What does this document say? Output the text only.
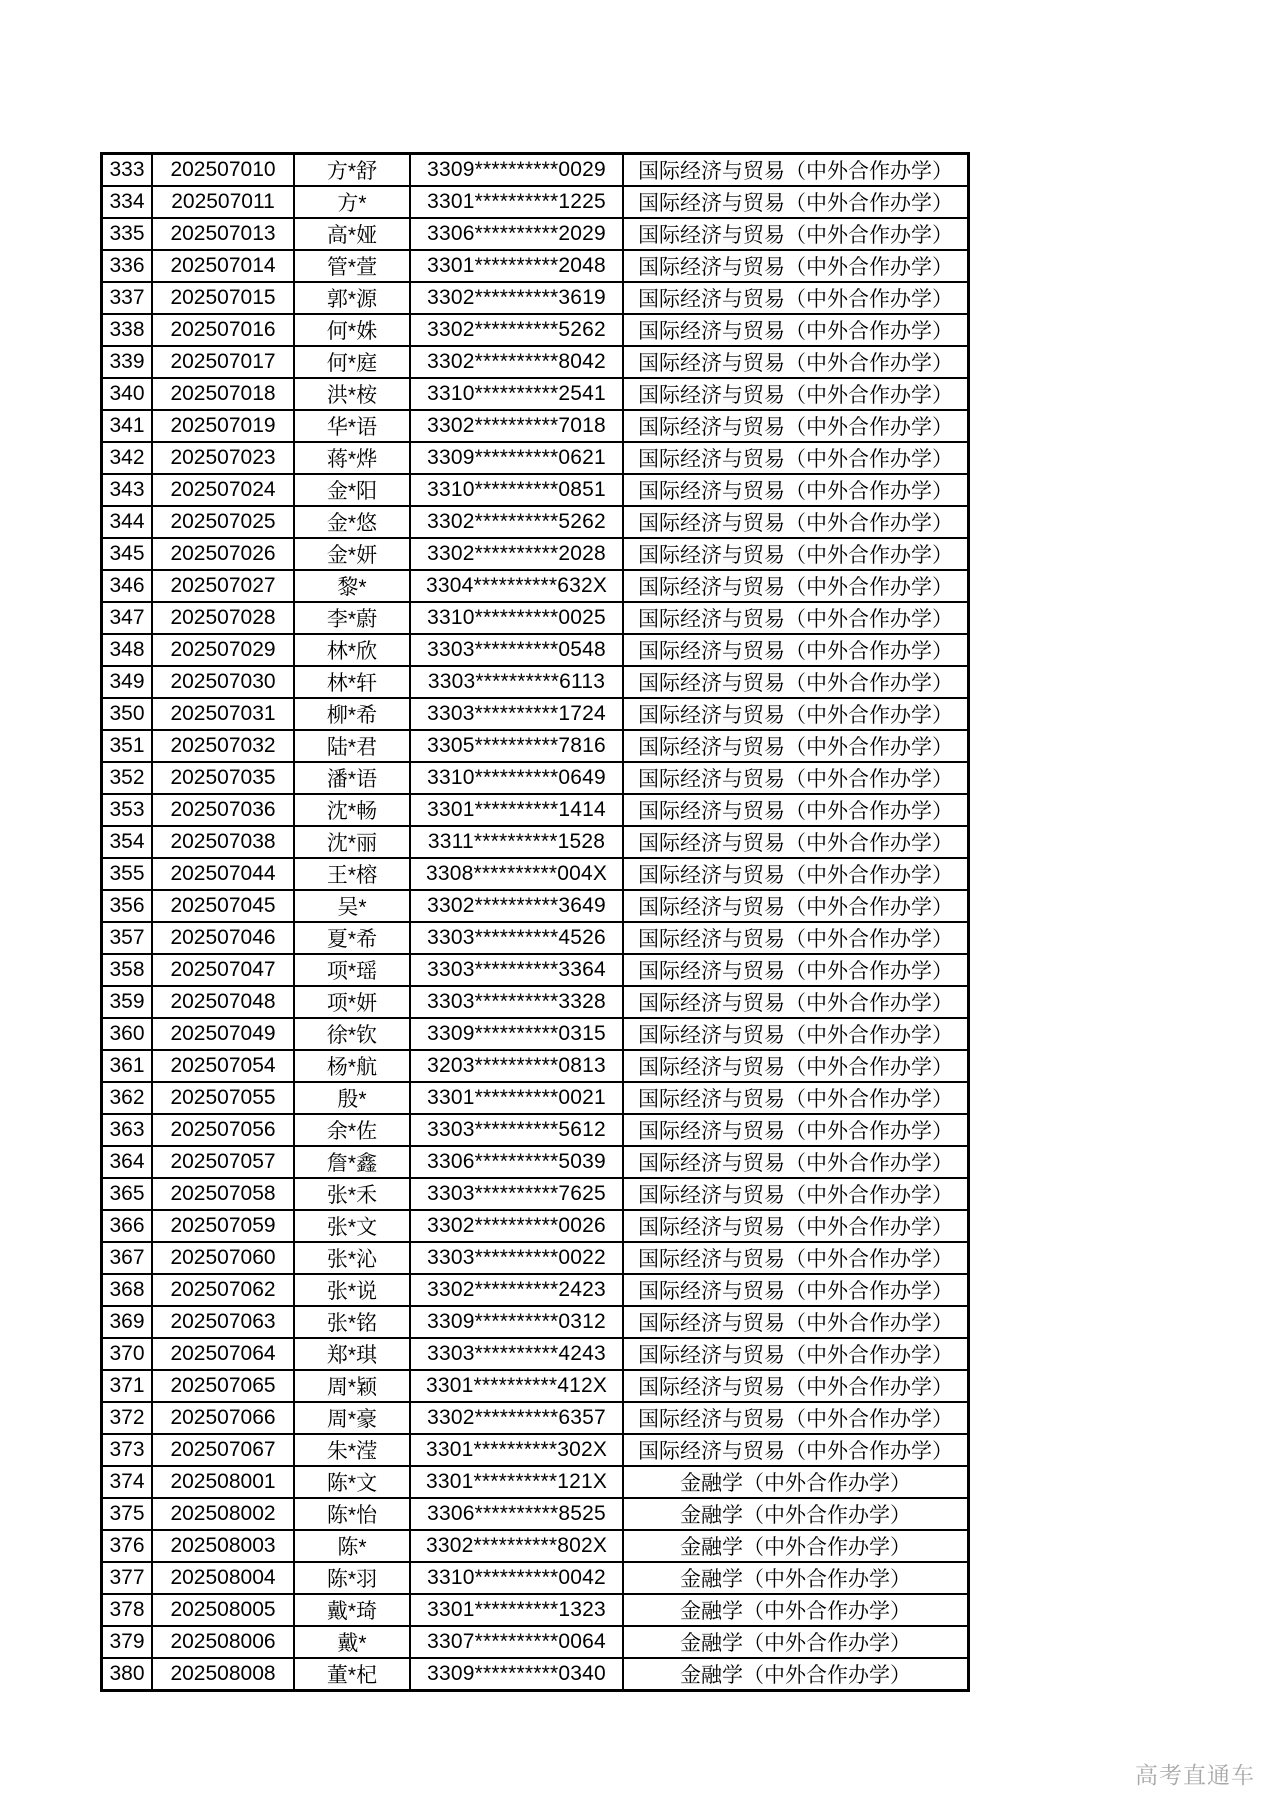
333	202507010	方*舒	3309**********0029	国际经济与贸易（中外合作办学）
334	202507011	方*	3301**********1225	国际经济与贸易（中外合作办学）
335	202507013	高*娅	3306**********2029	国际经济与贸易（中外合作办学）
336	202507014	管*萱	3301**********2048	国际经济与贸易（中外合作办学）
337	202507015	郭*源	3302**********3619	国际经济与贸易（中外合作办学）
338	202507016	何*姝	3302**********5262	国际经济与贸易（中外合作办学）
339	202507017	何*庭	3302**********8042	国际经济与贸易（中外合作办学）
340	202507018	洪*桉	3310**********2541	国际经济与贸易（中外合作办学）
341	202507019	华*语	3302**********7018	国际经济与贸易（中外合作办学）
342	202507023	蒋*烨	3309**********0621	国际经济与贸易（中外合作办学）
343	202507024	金*阳	3310**********0851	国际经济与贸易（中外合作办学）
344	202507025	金*悠	3302**********5262	国际经济与贸易（中外合作办学）
345	202507026	金*妍	3302**********2028	国际经济与贸易（中外合作办学）
346	202507027	黎*	3304**********632X	国际经济与贸易（中外合作办学）
347	202507028	李*蔚	3310**********0025	国际经济与贸易（中外合作办学）
348	202507029	林*欣	3303**********0548	国际经济与贸易（中外合作办学）
349	202507030	林*轩	3303**********6113	国际经济与贸易（中外合作办学）
350	202507031	柳*希	3303**********1724	国际经济与贸易（中外合作办学）
351	202507032	陆*君	3305**********7816	国际经济与贸易（中外合作办学）
352	202507035	潘*语	3310**********0649	国际经济与贸易（中外合作办学）
353	202507036	沈*畅	3301**********1414	国际经济与贸易（中外合作办学）
354	202507038	沈*丽	3311**********1528	国际经济与贸易（中外合作办学）
355	202507044	王*榕	3308**********004X	国际经济与贸易（中外合作办学）
356	202507045	吴*	3302**********3649	国际经济与贸易（中外合作办学）
357	202507046	夏*希	3303**********4526	国际经济与贸易（中外合作办学）
358	202507047	项*瑶	3303**********3364	国际经济与贸易（中外合作办学）
359	202507048	项*妍	3303**********3328	国际经济与贸易（中外合作办学）
360	202507049	徐*钦	3309**********0315	国际经济与贸易（中外合作办学）
361	202507054	杨*航	3203**********0813	国际经济与贸易（中外合作办学）
362	202507055	殷*	3301**********0021	国际经济与贸易（中外合作办学）
363	202507056	余*佐	3303**********5612	国际经济与贸易（中外合作办学）
364	202507057	詹*鑫	3306**********5039	国际经济与贸易（中外合作办学）
365	202507058	张*禾	3303**********7625	国际经济与贸易（中外合作办学）
366	202507059	张*文	3302**********0026	国际经济与贸易（中外合作办学）
367	202507060	张*沁	3303**********0022	国际经济与贸易（中外合作办学）
368	202507062	张*说	3302**********2423	国际经济与贸易（中外合作办学）
369	202507063	张*铭	3309**********0312	国际经济与贸易（中外合作办学）
370	202507064	郑*琪	3303**********4243	国际经济与贸易（中外合作办学）
371	202507065	周*颖	3301**********412X	国际经济与贸易（中外合作办学）
372	202507066	周*豪	3302**********6357	国际经济与贸易（中外合作办学）
373	202507067	朱*滢	3301**********302X	国际经济与贸易（中外合作办学）
374	202508001	陈*文	3301**********121X	金融学（中外合作办学）
375	202508002	陈*怡	3306**********8525	金融学（中外合作办学）
376	202508003	陈*	3302**********802X	金融学（中外合作办学）
377	202508004	陈*羽	3310**********0042	金融学（中外合作办学）
378	202508005	戴*琦	3301**********1323	金融学（中外合作办学）
379	202508006	戴*	3307**********0064	金融学（中外合作办学）
380	202508008	董*杞	3309**********0340	金融学（中外合作办学）
高考直通车
